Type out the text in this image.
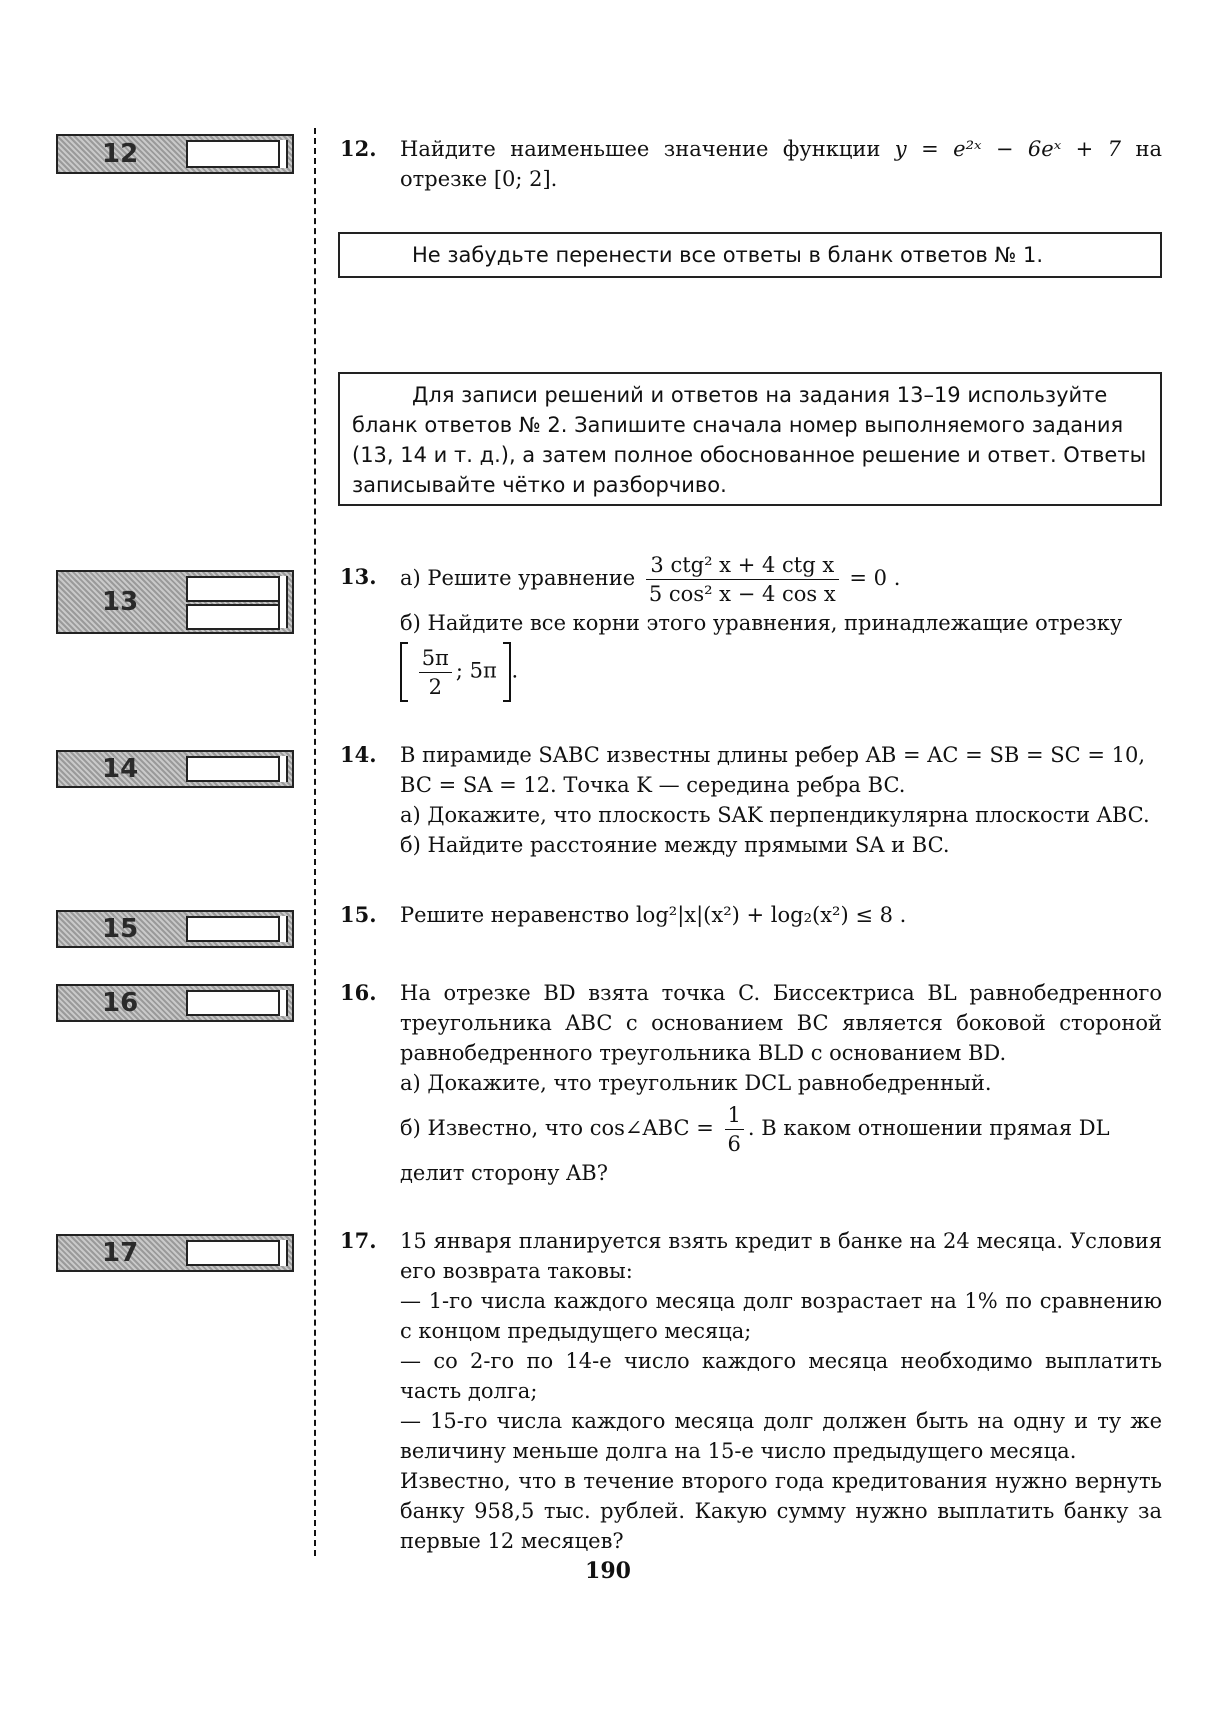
12
13
14
15
16
17
12. Найдите наименьшее значение функции y = e²ˣ − 6eˣ + 7 на отрезке [0; 2].

Не забудьте перенести все ответы в бланк ответов № 1.
Для записи решений и ответов на задания 13–19 используйте бланк ответов № 2. Запишите сначала номер выполняемого задания (13, 14 и т. д.), а затем полное обоснованное решение и ответ. Ответы записывайте чётко и разборчиво.
13. а) Решите уравнение $\frac{\text{3 ctg² x + 4 ctg x}}{\text{5 cos² x − 4 cos x}} = 0$ .

б) Найдите все корни этого уравнения, принадлежащие отрезку

$\frac{5\pi}{2}$ ; 5π .

14. В пирамиде SABC известны длины ребер AB = AC = SB = SC = 10,

BC = SA = 12. Точка K — середина ребра BC.

а) Докажите, что плоскость SAK перпендикулярна плоскости ABC.

б) Найдите расстояние между прямыми SA и BC.

15. Решите неравенство log²|x|(x²) + log₂(x²) ≤ 8 .

16. На отрезке BD взята точка C. Биссектриса BL равнобедренного треугольника ABC с основанием BC является боковой стороной равнобедренного треугольника BLD с основанием BD.

а) Докажите, что треугольник DCL равнобедренный.

б) Известно, что cos∠ABC = $\frac{1}{6}$ . В каком отношении прямая DL

делит сторону AB?

17. 15 января планируется взять кредит в банке на 24 месяца. Условия его возврата таковы:

— 1-го числа каждого месяца долг возрастает на 1% по сравнению с концом предыдущего месяца;

— со 2-го по 14-е число каждого месяца необходимо выплатить часть долга;

— 15-го числа каждого месяца долг должен быть на одну и ту же величину меньше долга на 15-е число предыдущего месяца.

Известно, что в течение второго года кредитования нужно вернуть банку 958,5 тыс. рублей. Какую сумму нужно выплатить банку за первые 12 месяцев?

190
